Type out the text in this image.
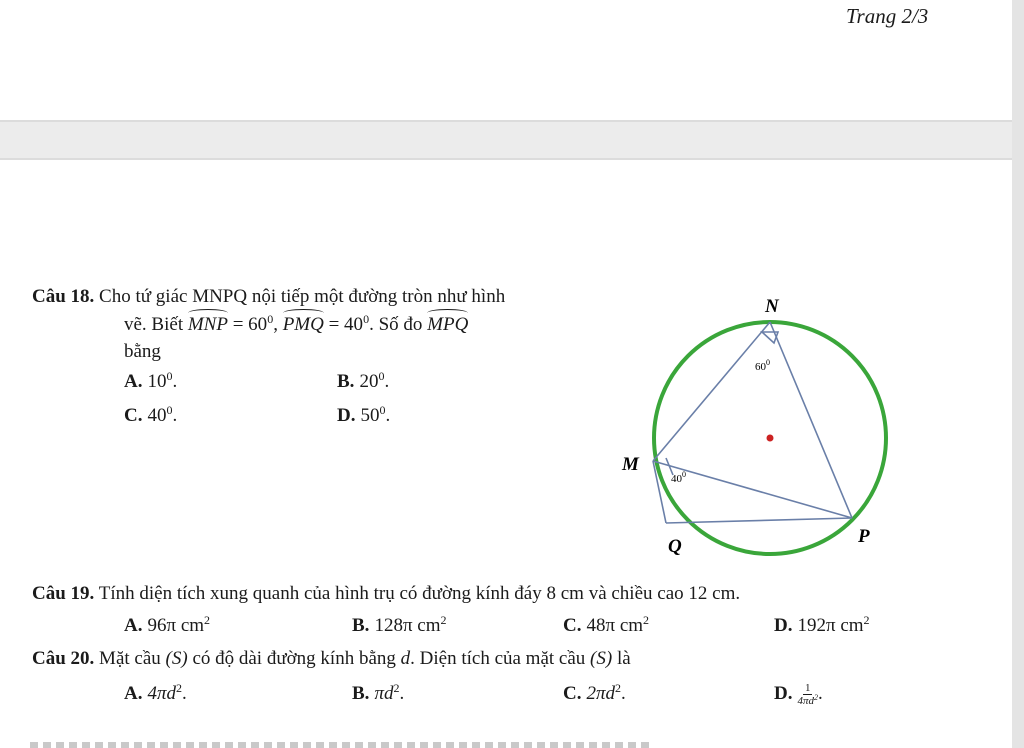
Trang 2/3
Câu 18. Cho tứ giác MNPQ nội tiếp một đường tròn như hình
vẽ. Biết MNP = $60^0$, PMQ = $40^0$. Số đo MPQ
bằng
A. $10^0$.	B. $20^0$.
C. $40^0$.	D. $50^0$.
N
M
Q	P
$60^0$
$40^0$
Câu 19. Tính diện tích xung quanh của hình trụ có đường kính đáy 8 cm và chiều cao 12 cm.
A. 96π $cm^2$	B. 128π $cm^2$	C. 48π $cm^2$	D. 192π $cm^2$
Câu 20. Mặt cầu (S) có độ dài đường kính bằng d. Diện tích của mặt cầu (S) là
A. $4\pi d^2$.	B. $\pi d^2$.	C. $2\pi d^2$.	D. $\frac{1}{4\pi d^2}$ .
